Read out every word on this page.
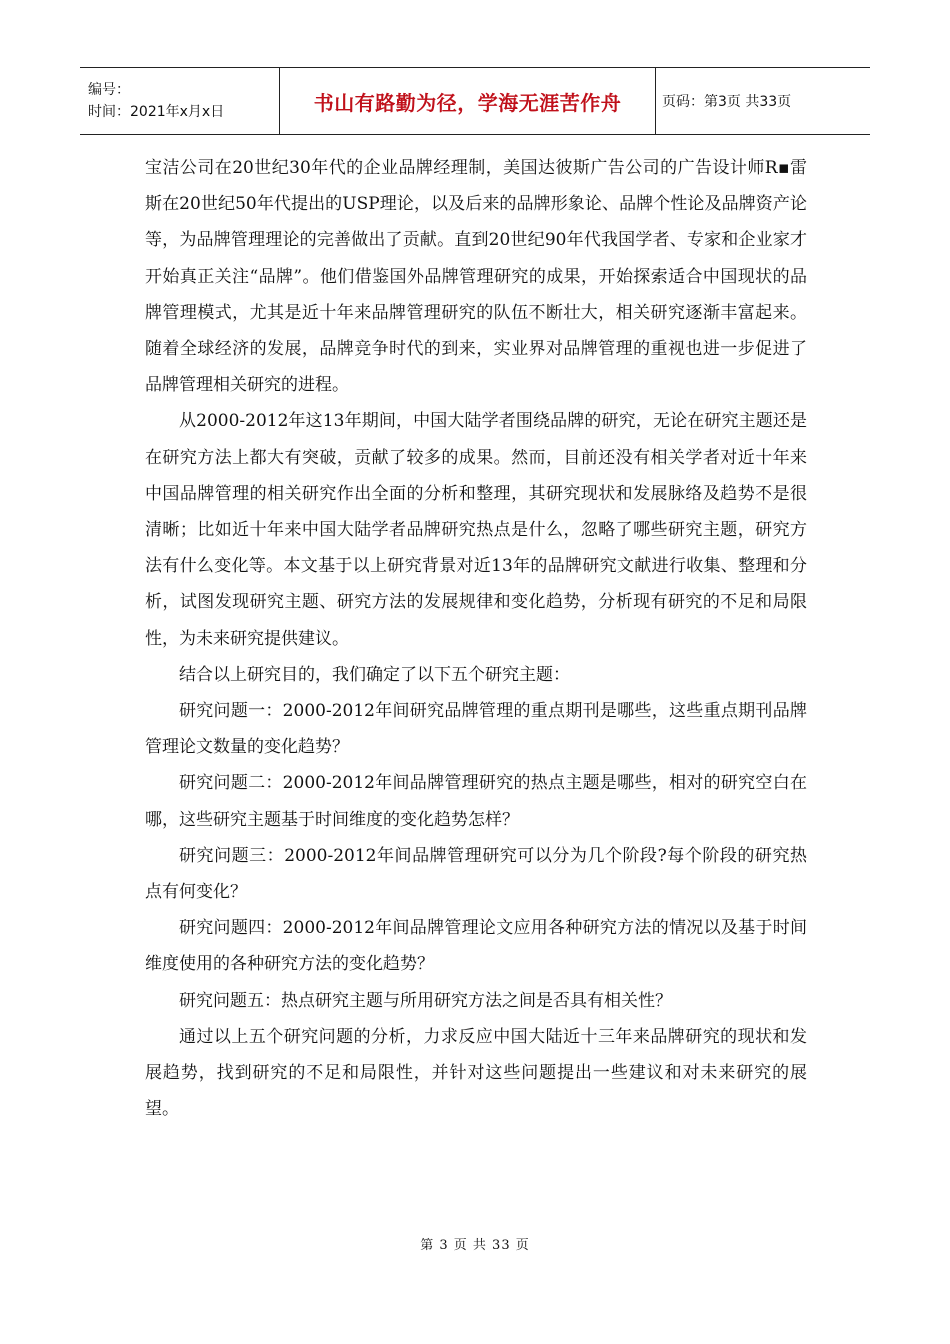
编号：
时间：2021年x月x日	书山有路勤为径，学海无涯苦作舟	页码：第3页 共33页

宝洁公司在20世纪30年代的企业品牌经理制，美国达彼斯广告公司的广告设计师R▪雷斯在20世纪50年代提出的USP理论，以及后来的品牌形象论、品牌个性论及品牌资产论等，为品牌管理理论的完善做出了贡献。直到20世纪90年代我国学者、专家和企业家才开始真正关注“品牌”。他们借鉴国外品牌管理研究的成果，开始探索适合中国现状的品牌管理模式，尤其是近十年来品牌管理研究的队伍不断壮大，相关研究逐渐丰富起来。随着全球经济的发展，品牌竞争时代的到来，实业界对品牌管理的重视也进一步促进了品牌管理相关研究的进程。

从2000-2012年这13年期间，中国大陆学者围绕品牌的研究，无论在研究主题还是在研究方法上都大有突破，贡献了较多的成果。然而，目前还没有相关学者对近十年来中国品牌管理的相关研究作出全面的分析和整理，其研究现状和发展脉络及趋势不是很清晰；比如近十年来中国大陆学者品牌研究热点是什么，忽略了哪些研究主题，研究方法有什么变化等。本文基于以上研究背景对近13年的品牌研究文献进行收集、整理和分析，试图发现研究主题、研究方法的发展规律和变化趋势，分析现有研究的不足和局限性，为未来研究提供建议。

结合以上研究目的，我们确定了以下五个研究主题：

研究问题一：2000-2012年间研究品牌管理的重点期刊是哪些，这些重点期刊品牌管理论文数量的变化趋势？

研究问题二：2000-2012年间品牌管理研究的热点主题是哪些，相对的研究空白在哪，这些研究主题基于时间维度的变化趋势怎样？

研究问题三：2000-2012年间品牌管理研究可以分为几个阶段?每个阶段的研究热点有何变化？

研究问题四：2000-2012年间品牌管理论文应用各种研究方法的情况以及基于时间维度使用的各种研究方法的变化趋势？

研究问题五：热点研究主题与所用研究方法之间是否具有相关性？

通过以上五个研究问题的分析，力求反应中国大陆近十三年来品牌研究的现状和发展趋势，找到研究的不足和局限性，并针对这些问题提出一些建议和对未来研究的展望。

第 3 页 共 33 页
